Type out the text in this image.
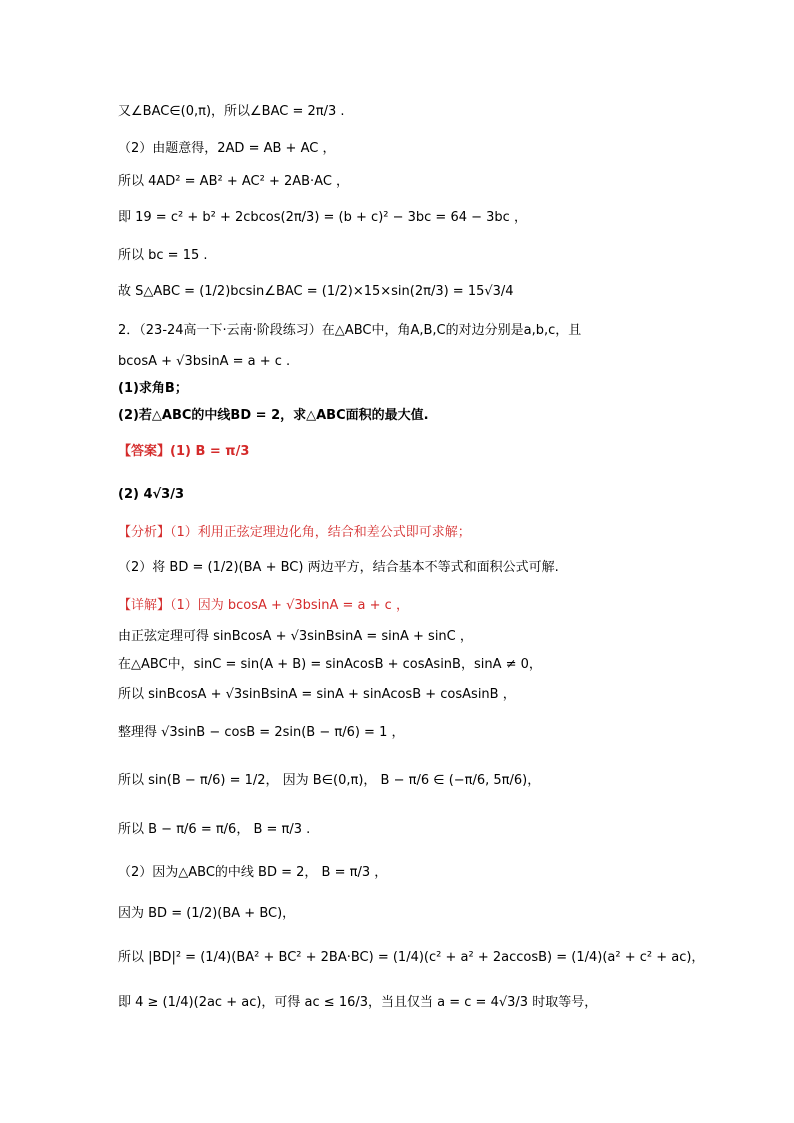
又∠BAC∈(0,π)，所以∠BAC = 2π/3 .
（2）由题意得，2AD = AB + AC ，
所以 4AD² = AB² + AC² + 2AB·AC ，
即 19 = c² + b² + 2cbcos(2π/3) = (b + c)² − 3bc = 64 − 3bc ，
所以 bc = 15 .
故 S△ABC = (1/2)bcsin∠BAC = (1/2)×15×sin(2π/3) = 15√3/4
2．（23-24高一下·云南·阶段练习）在△ABC中，角A,B,C的对边分别是a,b,c，且
bcosA + √3bsinA = a + c .
(1)求角B；
(2)若△ABC的中线BD = 2，求△ABC面积的最大值.
【答案】(1) B = π/3
(2) 4√3/3
【分析】（1）利用正弦定理边化角，结合和差公式即可求解；
（2）将 BD = (1/2)(BA + BC) 两边平方，结合基本不等式和面积公式可解.
【详解】（1）因为 bcosA + √3bsinA = a + c ，
由正弦定理可得 sinBcosA + √3sinBsinA = sinA + sinC ，
在△ABC中，sinC = sin(A + B) = sinAcosB + cosAsinB，sinA ≠ 0，
所以 sinBcosA + √3sinBsinA = sinA + sinAcosB + cosAsinB ，
整理得 √3sinB − cosB = 2sin(B − π/6) = 1 ，
所以 sin(B − π/6) = 1/2， 因为 B∈(0,π)， B − π/6 ∈ (−π/6, 5π/6)，
所以 B − π/6 = π/6， B = π/3 .
（2）因为△ABC的中线 BD = 2， B = π/3 ，
因为 BD = (1/2)(BA + BC)，
所以 |BD|² = (1/4)(BA² + BC² + 2BA·BC) = (1/4)(c² + a² + 2accosB) = (1/4)(a² + c² + ac)，
即 4 ≥ (1/4)(2ac + ac)，可得 ac ≤ 16/3，当且仅当 a = c = 4√3/3 时取等号，
